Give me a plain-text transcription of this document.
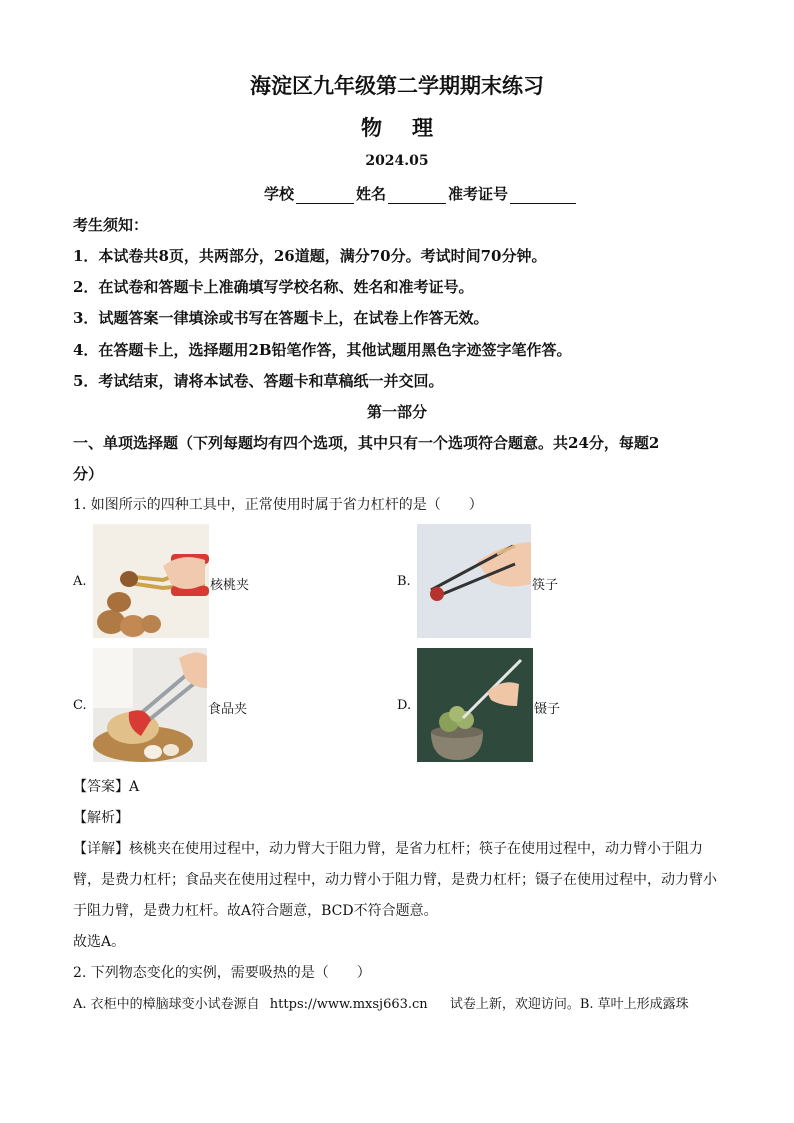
海淀区九年级第二学期期末练习
物理
2024.05
学校	姓名	准考证号
考生须知：
1．本试卷共8页，共两部分，26道题，满分70分。考试时间70分钟。
2．在试卷和答题卡上准确填写学校名称、姓名和准考证号。
3．试题答案一律填涂或书写在答题卡上，在试卷上作答无效。
4．在答题卡上，选择题用2B铅笔作答，其他试题用黑色字迹签字笔作答。
5．考试结束，请将本试卷、答题卡和草稿纸一并交回。
第一部分
一、单项选择题（下列每题均有四个选项，其中只有一个选项符合题意。共24分，每题2
分）
1. 如图所示的四种工具中，正常使用时属于省力杠杆的是（　　）
A.	核桃夹	B.	筷子
C.	食品夹	D.	镊子
【答案】A
【解析】
【详解】核桃夹在使用过程中，动力臂大于阻力臂，是省力杠杆；筷子在使用过程中，动力臂小于阻力
臂，是费力杠杆；食品夹在使用过程中，动力臂小于阻力臂，是费力杠杆；镊子在使用过程中，动力臂小
于阻力臂，是费力杠杆。故A符合题意，BCD不符合题意。
故选A。
2. 下列物态变化的实例，需要吸热的是（　　）
A. 衣柜中的樟脑球变小试卷源自 https://www.mxsj663.cn 试卷上新，欢迎访问。B. 草叶上形成露珠
